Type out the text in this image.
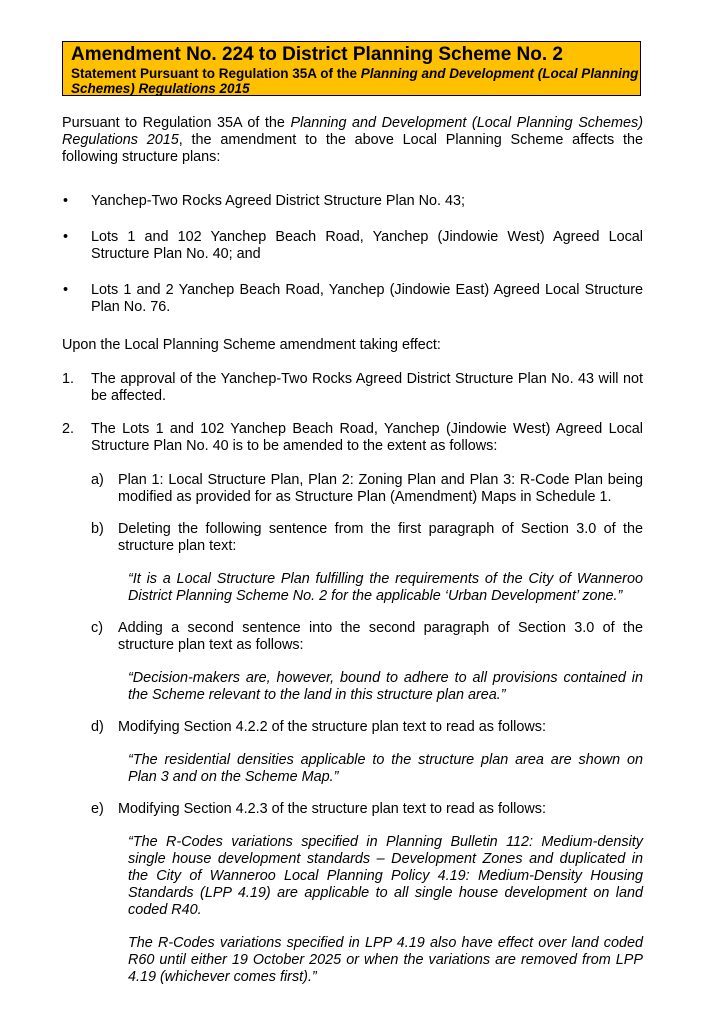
Amendment No. 224 to District Planning Scheme No. 2
Statement Pursuant to Regulation 35A of the Planning and Development (Local Planning Schemes) Regulations 2015

Pursuant to Regulation 35A of the Planning and Development (Local Planning Schemes) Regulations 2015, the amendment to the above Local Planning Scheme affects the following structure plans:

• Yanchep-Two Rocks Agreed District Structure Plan No. 43;
• Lots 1 and 102 Yanchep Beach Road, Yanchep (Jindowie West) Agreed Local Structure Plan No. 40; and
• Lots 1 and 2 Yanchep Beach Road, Yanchep (Jindowie East) Agreed Local Structure Plan No. 76.

Upon the Local Planning Scheme amendment taking effect:

1. The approval of the Yanchep-Two Rocks Agreed District Structure Plan No. 43 will not be affected.

2. The Lots 1 and 102 Yanchep Beach Road, Yanchep (Jindowie West) Agreed Local Structure Plan No. 40 is to be amended to the extent as follows:

a) Plan 1: Local Structure Plan, Plan 2: Zoning Plan and Plan 3: R-Code Plan being modified as provided for as Structure Plan (Amendment) Maps in Schedule 1.

b) Deleting the following sentence from the first paragraph of Section 3.0 of the structure plan text:

“It is a Local Structure Plan fulfilling the requirements of the City of Wanneroo District Planning Scheme No. 2 for the applicable ‘Urban Development’ zone.”

c) Adding a second sentence into the second paragraph of Section 3.0 of the structure plan text as follows:

“Decision-makers are, however, bound to adhere to all provisions contained in the Scheme relevant to the land in this structure plan area.”

d) Modifying Section 4.2.2 of the structure plan text to read as follows:

“The residential densities applicable to the structure plan area are shown on Plan 3 and on the Scheme Map.”

e) Modifying Section 4.2.3 of the structure plan text to read as follows:

“The R-Codes variations specified in Planning Bulletin 112: Medium-density single house development standards – Development Zones and duplicated in the City of Wanneroo Local Planning Policy 4.19: Medium-Density Housing Standards (LPP 4.19) are applicable to all single house development on land coded R40.

The R-Codes variations specified in LPP 4.19 also have effect over land coded R60 until either 19 October 2025 or when the variations are removed from LPP 4.19 (whichever comes first).”
